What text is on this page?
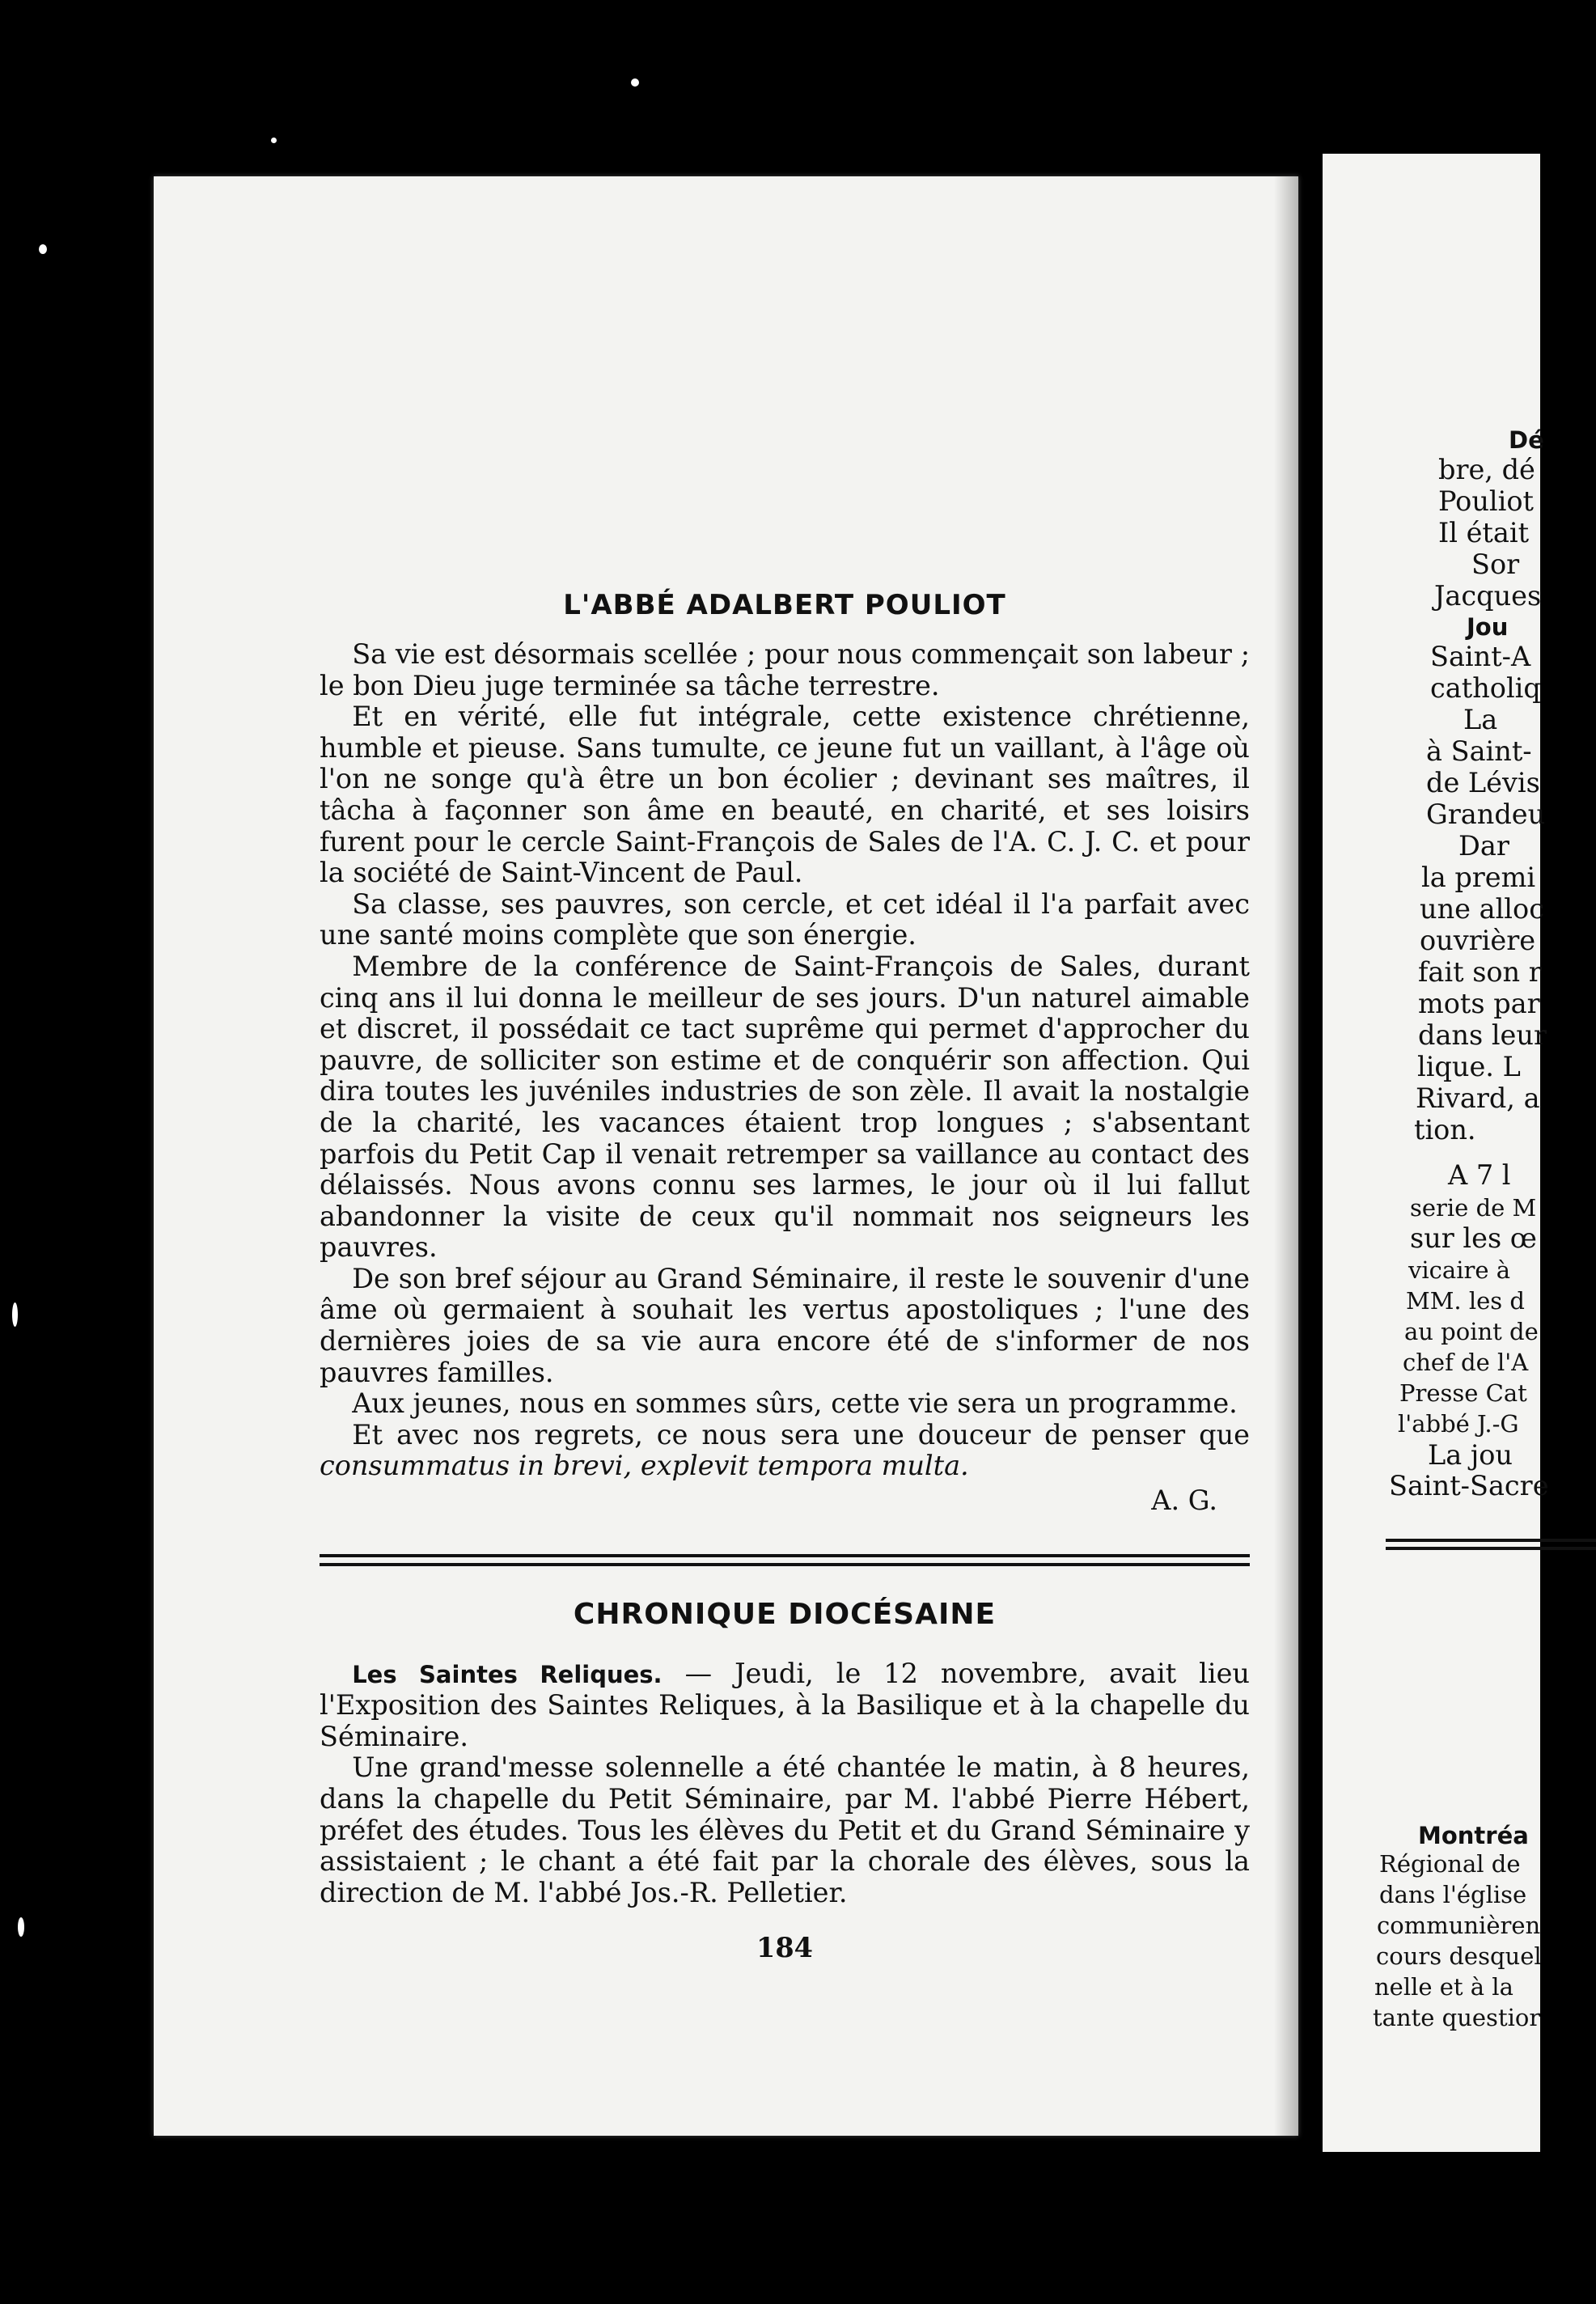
L'ABBÉ ADALBERT POULIOT

Sa vie est désormais scellée ; pour nous commençait son labeur ; le bon Dieu juge terminée sa tâche terrestre.

Et en vérité, elle fut intégrale, cette existence chrétienne, humble et pieuse. Sans tumulte, ce jeune fut un vaillant, à l'âge où l'on ne songe qu'à être un bon écolier ; devinant ses maîtres, il tâcha à façonner son âme en beauté, en charité, et ses loisirs furent pour le cercle Saint-François de Sales de l'A. C. J. C. et pour la société de Saint-Vincent de Paul.

Sa classe, ses pauvres, son cercle, et cet idéal il l'a parfait avec une santé moins complète que son énergie.

Membre de la conférence de Saint-François de Sales, durant cinq ans il lui donna le meilleur de ses jours. D'un naturel aimable et discret, il possédait ce tact suprême qui permet d'approcher du pauvre, de solliciter son estime et de conquérir son affection. Qui dira toutes les juvéniles industries de son zèle. Il avait la nostalgie de la charité, les vacances étaient trop longues ; s'absentant parfois du Petit Cap il venait retremper sa vaillance au contact des délaissés. Nous avons connu ses larmes, le jour où il lui fallut abandonner la visite de ceux qu'il nommait nos seigneurs les pauvres.

De son bref séjour au Grand Séminaire, il reste le souvenir d'une âme où germaient à souhait les vertus apostoliques ; l'une des dernières joies de sa vie aura encore été de s'informer de nos pauvres familles.

Aux jeunes, nous en sommes sûrs, cette vie sera un programme.

Et avec nos regrets, ce nous sera une douceur de penser que consummatus in brevi, explevit tempora multa.

A. G.
CHRONIQUE DIOCÉSAINE

Les Saintes Reliques. — Jeudi, le 12 novembre, avait lieu l'Exposition des Saintes Reliques, à la Basilique et à la chapelle du Séminaire.

Une grand'messe solennelle a été chantée le matin, à 8 heures, dans la chapelle du Petit Séminaire, par M. l'abbé Pierre Hébert, préfet des études. Tous les élèves du Petit et du Grand Séminaire y assistaient ; le chant a été fait par la chorale des élèves, sous la direction de M. l'abbé Jos.-R. Pelletier.

184
Dé
bre, dé
Pouliot
Il était
Sor
Jacques
Jou
Saint-A
catholiq
La
à Saint-
de Lévis
Grandeu
Dar
la premi
une alloc
ouvrière
fait son r
mots par
dans leur
lique. L
Rivard, a
tion.
A 7 l
serie de M
sur les œ
vicaire à
MM. les d
au point de
chef de l'A
Presse Cat
l'abbé J.-G
La jou
Saint-Sacre
Montréa
Régional de
dans l'église
communièren
cours desquel
nelle et à la
tante questior
